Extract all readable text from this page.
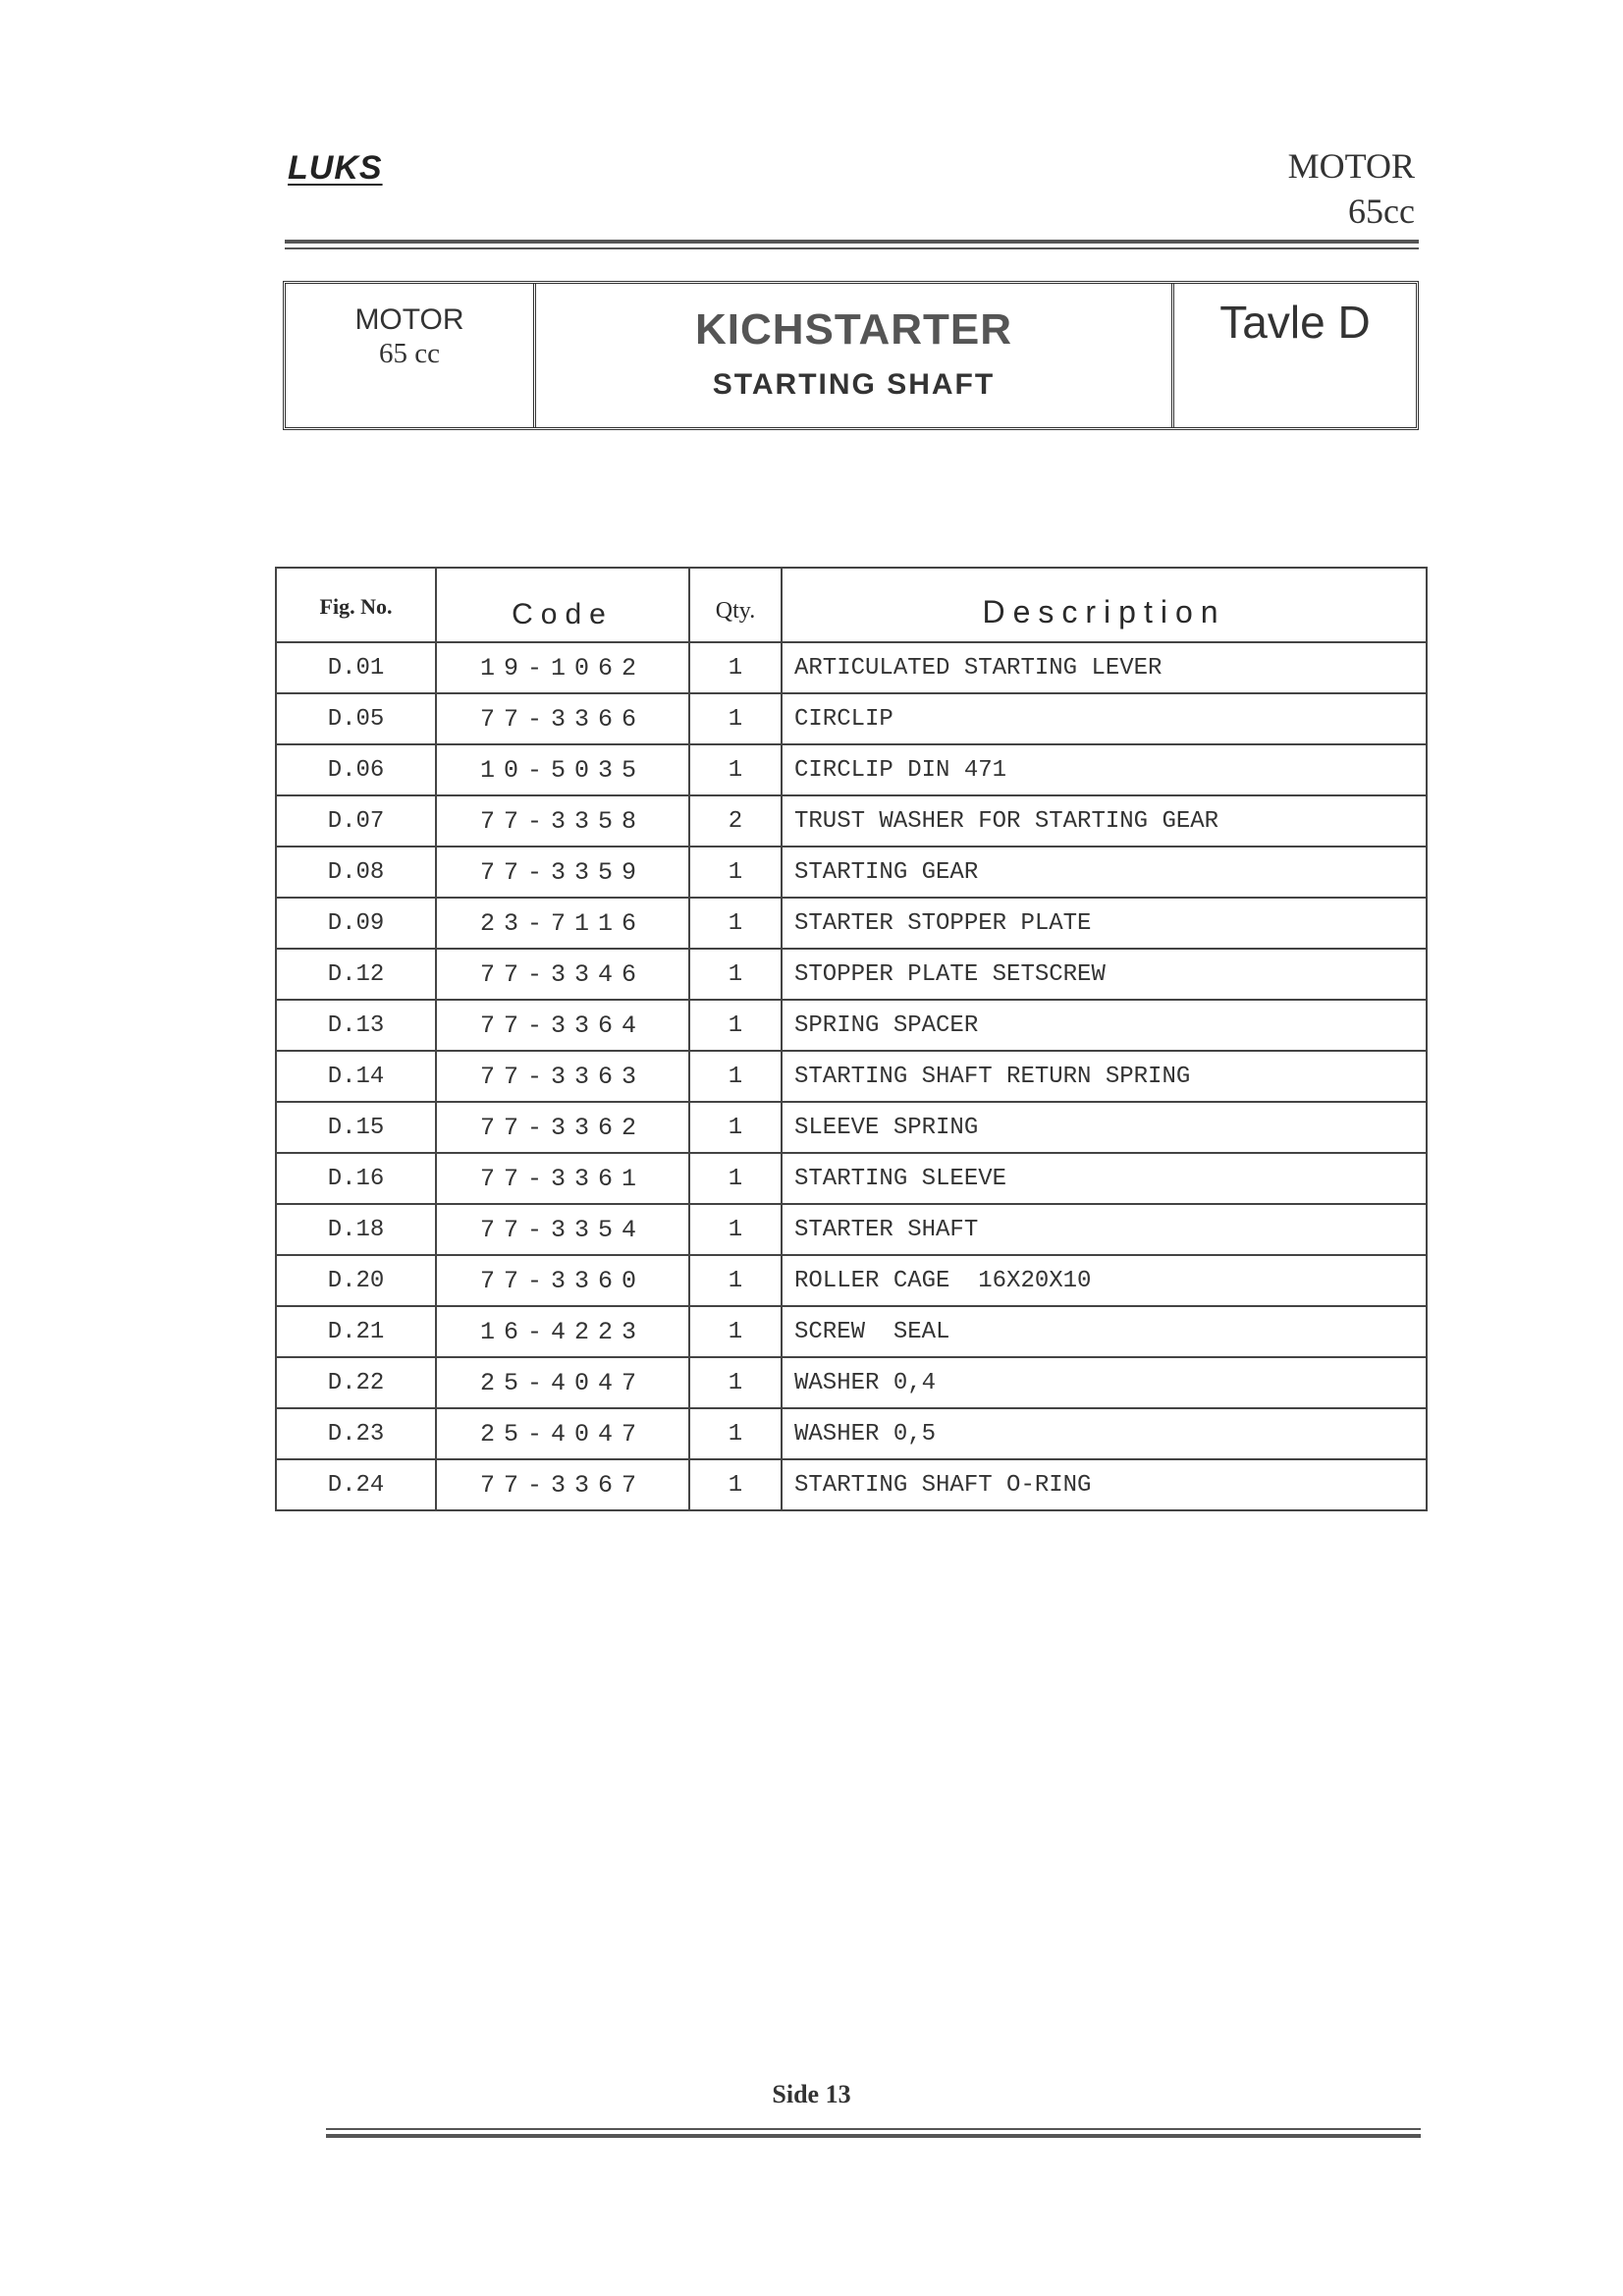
LUKS	MOTOR
65cc
MOTOR
65 cc	KICHSTARTER
STARTING SHAFT
Tavle D
Fig. No.	Code	Qty.	Description
D.01	19-1062	1	ARTICULATED STARTING LEVER
D.05	77-3366	1	CIRCLIP
D.06	10-5035	1	CIRCLIP DIN 471
D.07	77-3358	2	TRUST WASHER FOR STARTING GEAR
D.08	77-3359	1	STARTING GEAR
D.09	23-7116	1	STARTER STOPPER PLATE
D.12	77-3346	1	STOPPER PLATE SETSCREW
D.13	77-3364	1	SPRING SPACER
D.14	77-3363	1	STARTING SHAFT RETURN SPRING
D.15	77-3362	1	SLEEVE SPRING
D.16	77-3361	1	STARTING SLEEVE
D.18	77-3354	1	STARTER SHAFT
D.20	77-3360	1	ROLLER CAGE  16X20X10
D.21	16-4223	1	SCREW  SEAL
D.22	25-4047	1	WASHER 0,4
D.23	25-4047	1	WASHER 0,5
D.24	77-3367	1	STARTING SHAFT O-RING
Side 13
